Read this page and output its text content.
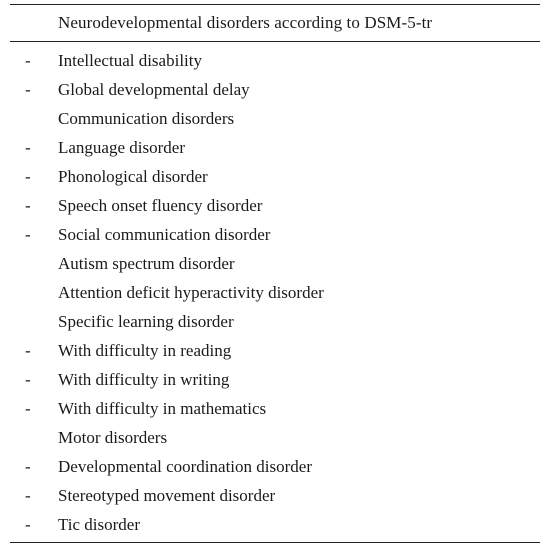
Neurodevelopmental disorders according to DSM-5-tr
-	Intellectual disability
-	Global developmental delay
Communication disorders
-	Language disorder
-	Phonological disorder
-	Speech onset fluency disorder
-	Social communication disorder
Autism spectrum disorder
Attention deficit hyperactivity disorder
Specific learning disorder
-	With difficulty in reading
-	With difficulty in writing
-	With difficulty in mathematics
Motor disorders
-	Developmental coordination disorder
-	Stereotyped movement disorder
-	Tic disorder
